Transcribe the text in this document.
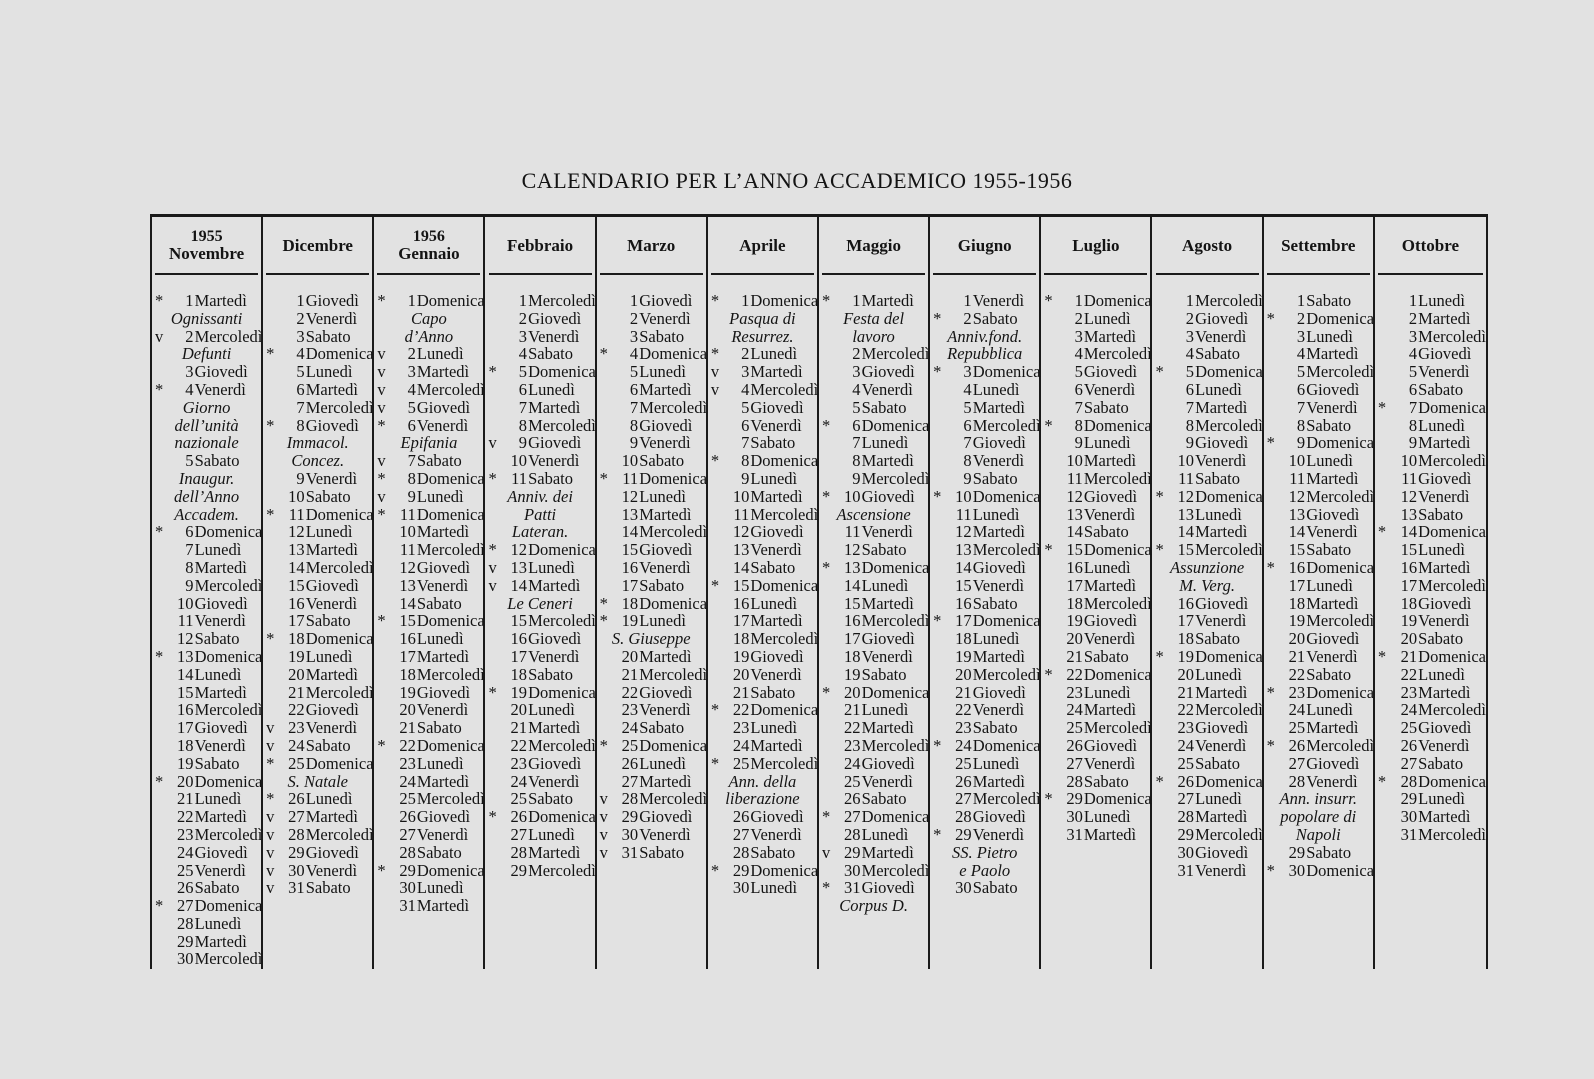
CALENDARIO PER L’ANNO ACCADEMICO 1955-1956
1955
Novembre
* 1 Martedì
Ognissanti
v 2 Mercoledì
Defunti
3 Giovedì
* 4 Venerdì
Giorno
dell’unità
nazionale
5 Sabato
Inaugur.
dell’Anno
Accadem.
* 6 Domenica
7 Lunedì
8 Martedì
9 Mercoledì
10 Giovedì
11 Venerdì
12 Sabato
* 13 Domenica
14 Lunedì
15 Martedì
16 Mercoledì
17 Giovedì
18 Venerdì
19 Sabato
* 20 Domenica
21 Lunedì
22 Martedì
23 Mercoledì
24 Giovedì
25 Venerdì
26 Sabato
* 27 Domenica
28 Lunedì
29 Martedì
30 Mercoledì
Dicembre
1 Giovedì
2 Venerdì
3 Sabato
* 4 Domenica
5 Lunedì
6 Martedì
7 Mercoledì
* 8 Giovedì
Immacol.
Concez.
9 Venerdì
10 Sabato
* 11 Domenica
12 Lunedì
13 Martedì
14 Mercoledì
15 Giovedì
16 Venerdì
17 Sabato
* 18 Domenica
19 Lunedì
20 Martedì
21 Mercoledì
22 Giovedì
v 23 Venerdì
v 24 Sabato
* 25 Domenica
S. Natale
* 26 Lunedì
v 27 Martedì
v 28 Mercoledì
v 29 Giovedì
v 30 Venerdì
v 31 Sabato
1956
Gennaio
* 1 Domenica
Capo
d’Anno
v 2 Lunedì
v 3 Martedì
v 4 Mercoledì
v 5 Giovedì
* 6 Venerdì
Epifania
v 7 Sabato
* 8 Domenica
v 9 Lunedì
* 11 Domenica
10 Martedì
11 Mercoledì
12 Giovedì
13 Venerdì
14 Sabato
* 15 Domenica
16 Lunedì
17 Martedì
18 Mercoledì
19 Giovedì
20 Venerdì
21 Sabato
* 22 Domenica
23 Lunedì
24 Martedì
25 Mercoledì
26 Giovedì
27 Venerdì
28 Sabato
* 29 Domenica
30 Lunedì
31 Martedì
Febbraio
1 Mercoledì
2 Giovedì
3 Venerdì
4 Sabato
* 5 Domenica
6 Lunedì
7 Martedì
8 Mercoledì
v 9 Giovedì
10 Venerdì
* 11 Sabato
Anniv. dei
Patti
Lateran.
* 12 Domenica
v 13 Lunedì
v 14 Martedì
Le Ceneri
15 Mercoledì
16 Giovedì
17 Venerdì
18 Sabato
* 19 Domenica
20 Lunedì
21 Martedì
22 Mercoledì
23 Giovedì
24 Venerdì
25 Sabato
* 26 Domenica
27 Lunedì
28 Martedì
29 Mercoledì
Marzo
1 Giovedì
2 Venerdì
3 Sabato
* 4 Domenica
5 Lunedì
6 Martedì
7 Mercoledì
8 Giovedì
9 Venerdì
10 Sabato
* 11 Domenica
12 Lunedì
13 Martedì
14 Mercoledì
15 Giovedì
16 Venerdì
17 Sabato
* 18 Domenica
* 19 Lunedì
S. Giuseppe
20 Martedì
21 Mercoledì
22 Giovedì
23 Venerdì
24 Sabato
* 25 Domenica
26 Lunedì
27 Martedì
v 28 Mercoledì
v 29 Giovedì
v 30 Venerdì
v 31 Sabato
Aprile
* 1 Domenica
Pasqua di
Resurrez.
* 2 Lunedì
v 3 Martedì
v 4 Mercoledì
5 Giovedì
6 Venerdì
7 Sabato
* 8 Domenica
9 Lunedì
10 Martedì
11 Mercoledì
12 Giovedì
13 Venerdì
14 Sabato
* 15 Domenica
16 Lunedì
17 Martedì
18 Mercoledì
19 Giovedì
20 Venerdì
21 Sabato
* 22 Domenica
23 Lunedì
24 Martedì
* 25 Mercoledì
Ann. della
liberazione
26 Giovedì
27 Venerdì
28 Sabato
* 29 Domenica
30 Lunedì
Maggio
* 1 Martedì
Festa del
lavoro
2 Mercoledì
3 Giovedì
4 Venerdì
5 Sabato
* 6 Domenica
7 Lunedì
8 Martedì
9 Mercoledì
* 10 Giovedì
Ascensione
11 Venerdì
12 Sabato
* 13 Domenica
14 Lunedì
15 Martedì
16 Mercoledì
17 Giovedì
18 Venerdì
19 Sabato
* 20 Domenica
21 Lunedì
22 Martedì
23 Mercoledì
24 Giovedì
25 Venerdì
26 Sabato
* 27 Domenica
28 Lunedì
v 29 Martedì
30 Mercoledì
* 31 Giovedì
Corpus D.
Giugno
1 Venerdì
* 2 Sabato
Anniv.fond.
Repubblica
* 3 Domenica
4 Lunedì
5 Martedì
6 Mercoledì
7 Giovedì
8 Venerdì
9 Sabato
* 10 Domenica
11 Lunedì
12 Martedì
13 Mercoledì
14 Giovedì
15 Venerdì
16 Sabato
* 17 Domenica
18 Lunedì
19 Martedì
20 Mercoledì
21 Giovedì
22 Venerdì
23 Sabato
* 24 Domenica
25 Lunedì
26 Martedì
27 Mercoledì
28 Giovedì
* 29 Venerdì
SS. Pietro
e Paolo
30 Sabato
Luglio
* 1 Domenica
2 Lunedì
3 Martedì
4 Mercoledì
5 Giovedì
6 Venerdì
7 Sabato
* 8 Domenica
9 Lunedì
10 Martedì
11 Mercoledì
12 Giovedì
13 Venerdì
14 Sabato
* 15 Domenica
16 Lunedì
17 Martedì
18 Mercoledì
19 Giovedì
20 Venerdì
21 Sabato
* 22 Domenica
23 Lunedì
24 Martedì
25 Mercoledì
26 Giovedì
27 Venerdì
28 Sabato
* 29 Domenica
30 Lunedì
31 Martedì
Agosto
1 Mercoledì
2 Giovedì
3 Venerdì
4 Sabato
* 5 Domenica
6 Lunedì
7 Martedì
8 Mercoledì
9 Giovedì
10 Venerdì
11 Sabato
* 12 Domenica
13 Lunedì
14 Martedì
* 15 Mercoledì
Assunzione
M. Verg.
16 Giovedì
17 Venerdì
18 Sabato
* 19 Domenica
20 Lunedì
21 Martedì
22 Mercoledì
23 Giovedì
24 Venerdì
25 Sabato
* 26 Domenica
27 Lunedì
28 Martedì
29 Mercoledì
30 Giovedì
31 Venerdì
Settembre
1 Sabato
* 2 Domenica
3 Lunedì
4 Martedì
5 Mercoledì
6 Giovedì
7 Venerdì
8 Sabato
* 9 Domenica
10 Lunedì
11 Martedì
12 Mercoledì
13 Giovedì
14 Venerdì
15 Sabato
* 16 Domenica
17 Lunedì
18 Martedì
19 Mercoledì
20 Giovedì
21 Venerdì
22 Sabato
* 23 Domenica
24 Lunedì
25 Martedì
* 26 Mercoledì
27 Giovedì
28 Venerdì
Ann. insurr.
popolare di
Napoli
29 Sabato
* 30 Domenica
Ottobre
1 Lunedì
2 Martedì
3 Mercoledì
4 Giovedì
5 Venerdì
6 Sabato
* 7 Domenica
8 Lunedì
9 Martedì
10 Mercoledì
11 Giovedì
12 Venerdì
13 Sabato
* 14 Domenica
15 Lunedì
16 Martedì
17 Mercoledì
18 Giovedì
19 Venerdì
20 Sabato
* 21 Domenica
22 Lunedì
23 Martedì
24 Mercoledì
25 Giovedì
26 Venerdì
27 Sabato
* 28 Domenica
29 Lunedì
30 Martedì
31 Mercoledì
